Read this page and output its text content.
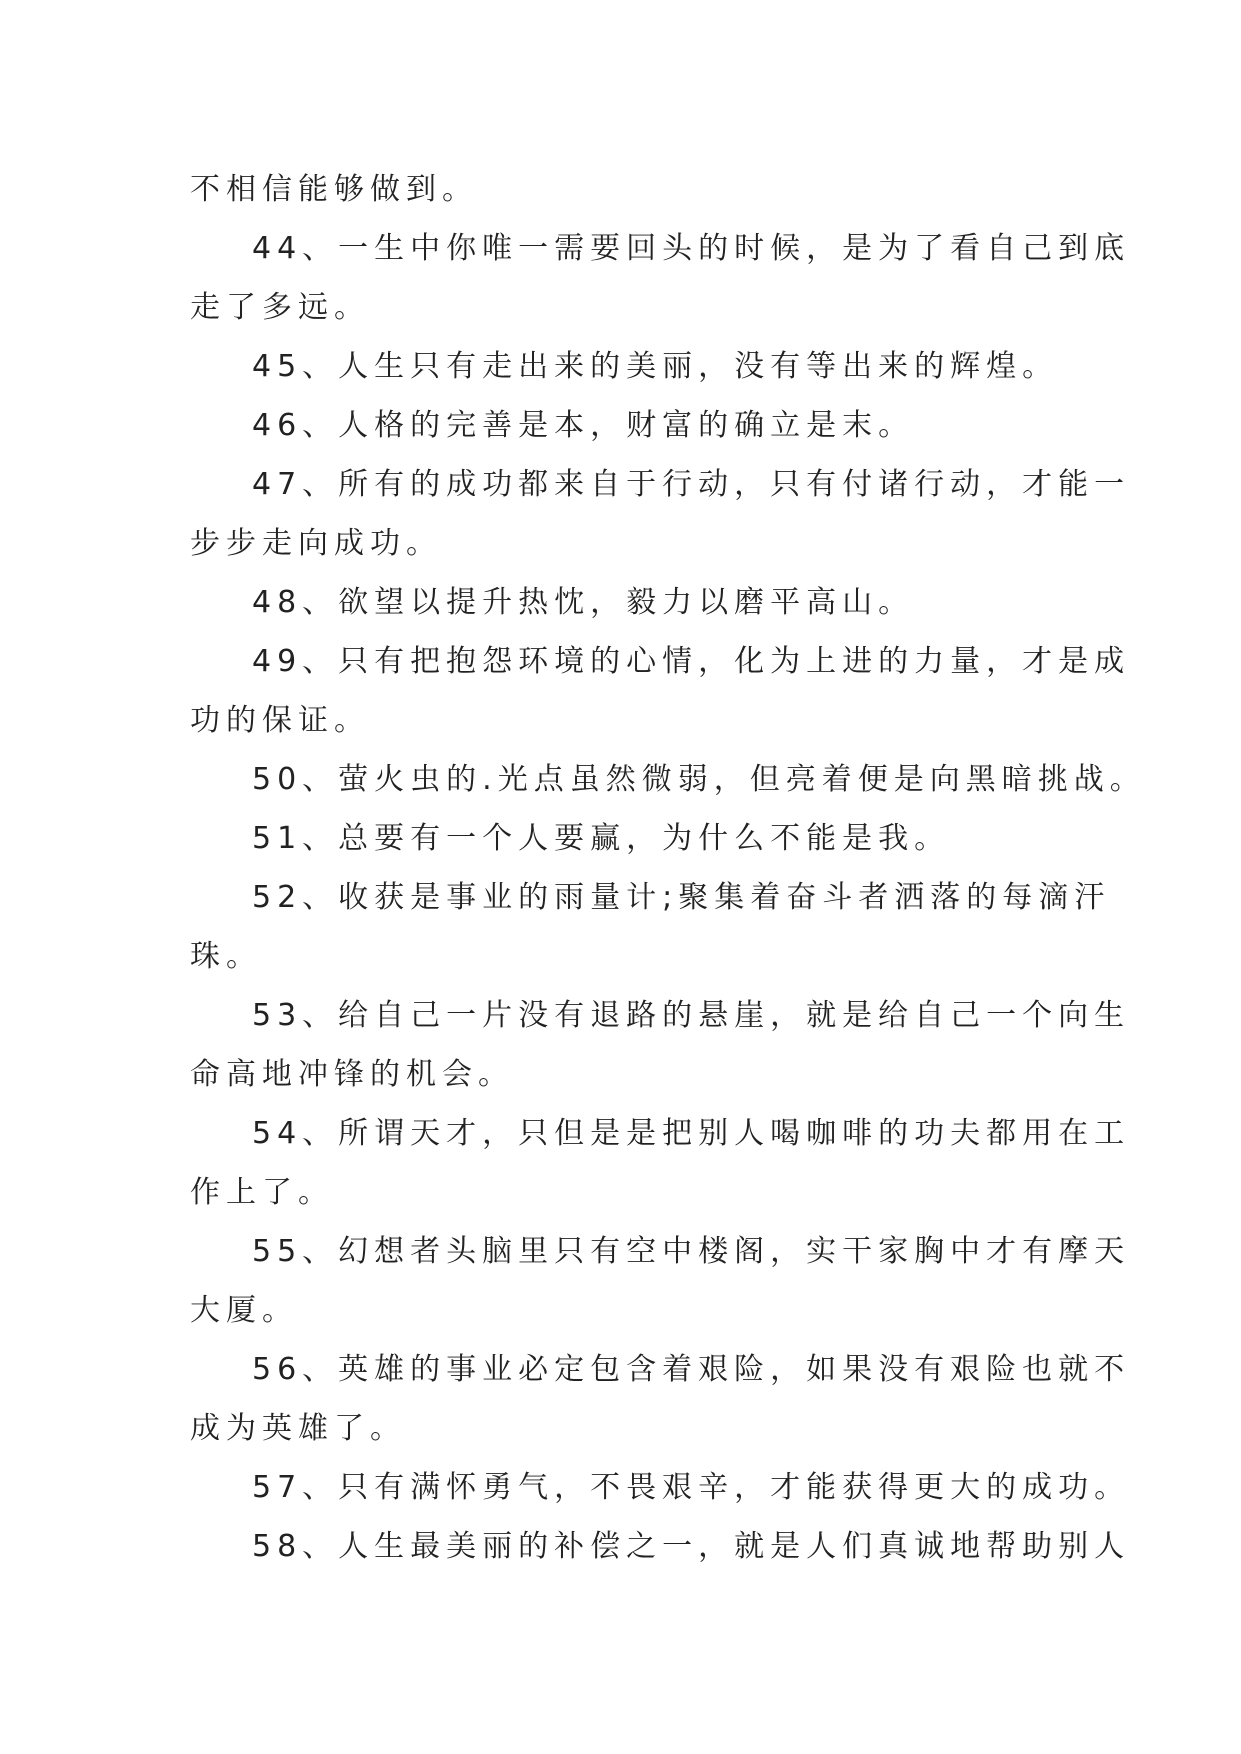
不相信能够做到。
44、一生中你唯一需要回头的时候，是为了看自己到底
走了多远。
45、人生只有走出来的美丽，没有等出来的辉煌。
46、人格的完善是本，财富的确立是末。
47、所有的成功都来自于行动，只有付诸行动，才能一
步步走向成功。
48、欲望以提升热忱，毅力以磨平高山。
49、只有把抱怨环境的心情，化为上进的力量，才是成
功的保证。
50、萤火虫的.光点虽然微弱，但亮着便是向黑暗挑战。
51、总要有一个人要赢，为什么不能是我。
52、收获是事业的雨量计;聚集着奋斗者洒落的每滴汗
珠。
53、给自己一片没有退路的悬崖，就是给自己一个向生
命高地冲锋的机会。
54、所谓天才，只但是是把别人喝咖啡的功夫都用在工
作上了。
55、幻想者头脑里只有空中楼阁，实干家胸中才有摩天
大厦。
56、英雄的事业必定包含着艰险，如果没有艰险也就不
成为英雄了。
57、只有满怀勇气，不畏艰辛，才能获得更大的成功。
58、人生最美丽的补偿之一，就是人们真诚地帮助别人
